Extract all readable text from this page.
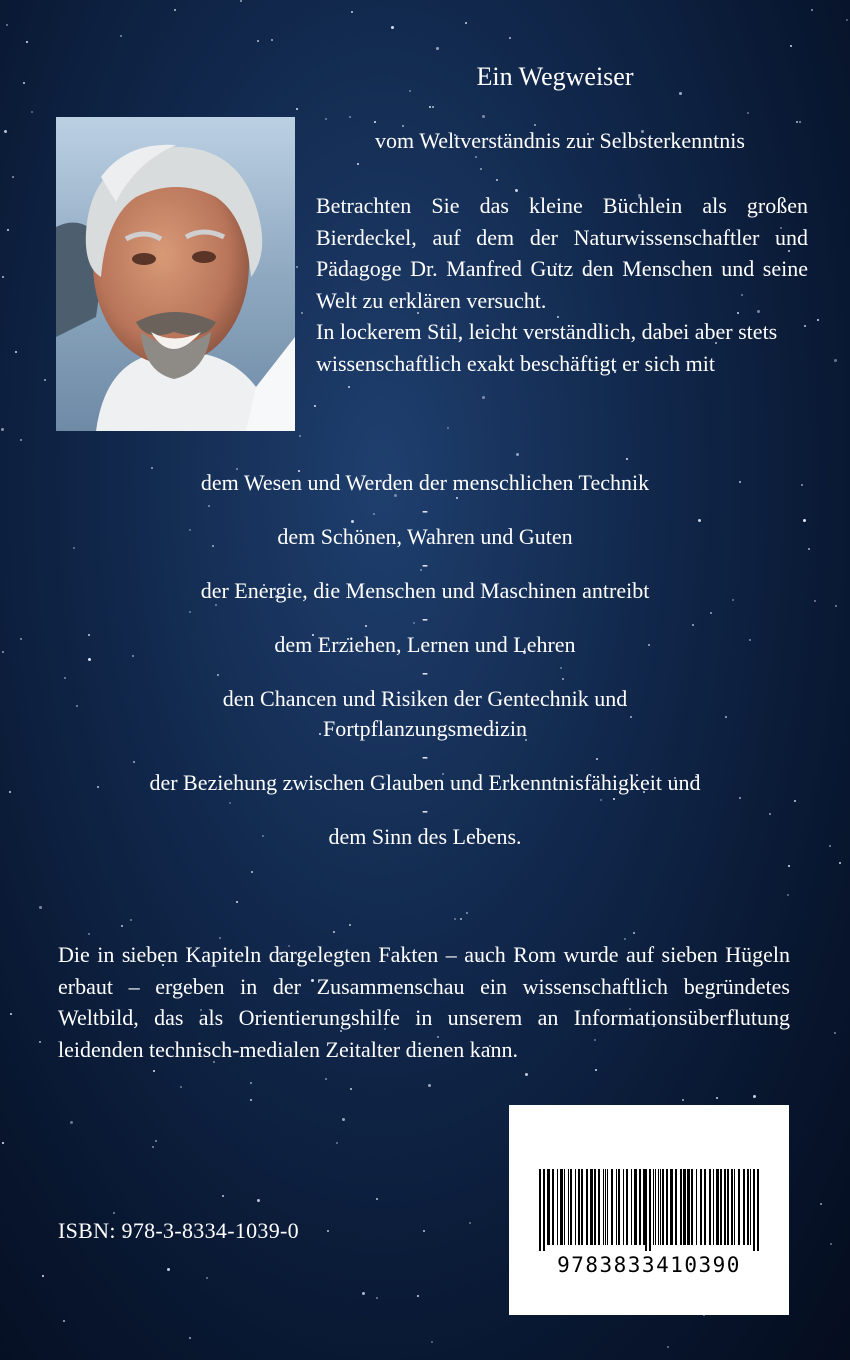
Ein Wegweiser
vom Weltverständnis zur Selbsterkenntnis

Betrachten Sie das kleine Büchlein als großen Bierdeckel, auf dem der Naturwissenschaftler und Pädagoge Dr. Manfred Gutz den Menschen und seine Welt zu erklären versucht.

In lockerem Stil, leicht verständlich, dabei aber stets wissenschaftlich exakt beschäftigt er sich mit

dem Wesen und Werden der menschlichen Technik
-
dem Schönen, Wahren und Guten
-
der Energie, die Menschen und Maschinen antreibt
-
dem Erziehen, Lernen und Lehren
-
den Chancen und Risiken der Gentechnik und Fortpflanzungsmedizin
-
der Beziehung zwischen Glauben und Erkenntnisfähigkeit und
-
dem Sinn des Lebens.
Die in sieben Kapiteln dargelegten Fakten – auch Rom wurde auf sieben Hügeln erbaut – ergeben in der Zusammenschau ein wissenschaftlich begründetes Weltbild, das als Orientierungshilfe in unserem an Informationsüberflutung leidenden technisch-medialen Zeitalter dienen kann.
ISBN: 978-3-8334-1039-0
9783833410390
